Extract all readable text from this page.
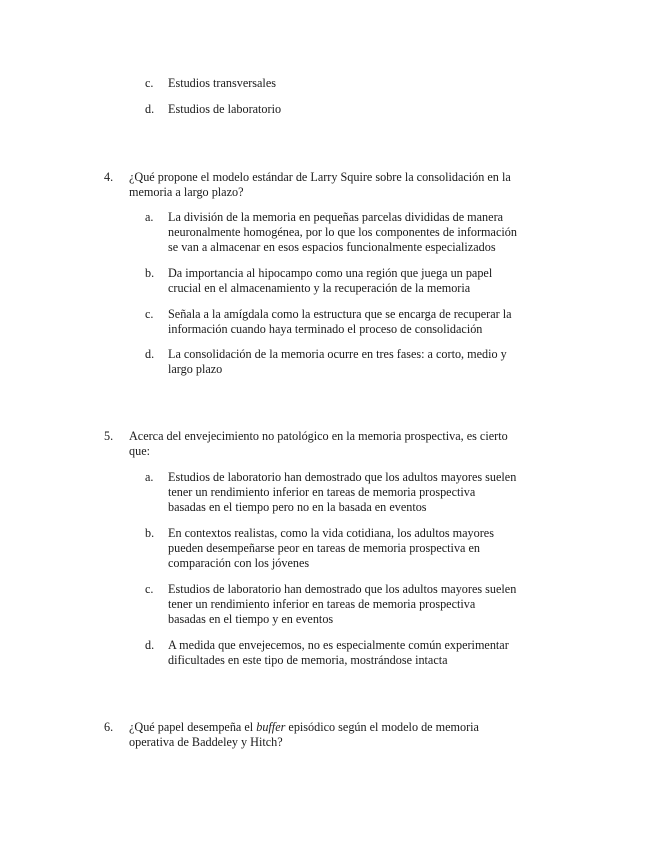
c.	Estudios transversales
d.	Estudios de laboratorio
4.	¿Qué propone el modelo estándar de Larry Squire sobre la consolidación en la
memoria a largo plazo?
a.	La división de la memoria en pequeñas parcelas divididas de manera
neuronalmente homogénea, por lo que los componentes de información
se van a almacenar en esos espacios funcionalmente especializados
b.	Da importancia al hipocampo como una región que juega un papel
crucial en el almacenamiento y la recuperación de la memoria
c.	Señala a la amígdala como la estructura que se encarga de recuperar la
información cuando haya terminado el proceso de consolidación
d.	La consolidación de la memoria ocurre en tres fases: a corto, medio y
largo plazo
5.	Acerca del envejecimiento no patológico en la memoria prospectiva, es cierto
que:
a.	Estudios de laboratorio han demostrado que los adultos mayores suelen
tener un rendimiento inferior en tareas de memoria prospectiva
basadas en el tiempo pero no en la basada en eventos
b.	En contextos realistas, como la vida cotidiana, los adultos mayores
pueden desempeñarse peor en tareas de memoria prospectiva en
comparación con los jóvenes
c.	Estudios de laboratorio han demostrado que los adultos mayores suelen
tener un rendimiento inferior en tareas de memoria prospectiva
basadas en el tiempo y en eventos
d.	A medida que envejecemos, no es especialmente común experimentar
dificultades en este tipo de memoria, mostrándose intacta
6.	¿Qué papel desempeña el buffer episódico según el modelo de memoria
operativa de Baddeley y Hitch?
